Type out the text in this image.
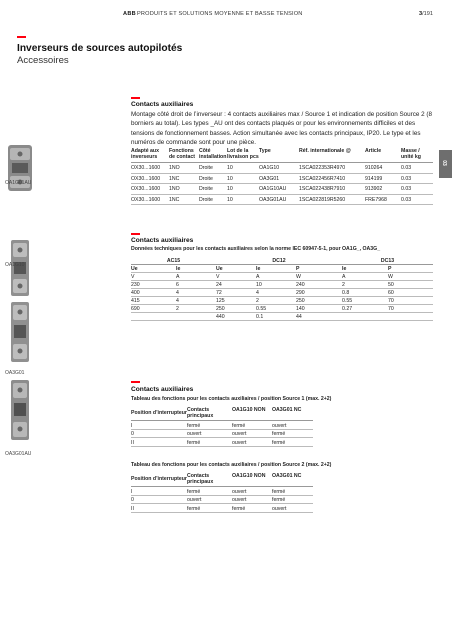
ABB PRODUITS ET SOLUTIONS MOYENNE ET BASSE TENSION	3/191
Inverseurs de sources autopilotés
Accessoires
03
OA1G01AU
OA1G10
OA3G01
OA3G01AU
Contacts auxiliaires
Montage côté droit de l’inverseur : 4 contacts auxiliaires max / Source 1 et indication de position Source 2 (8 borniers au total). Les types _AU ont des contacts plaqués or pour les environnements difficiles et des tensions de fonctionnement basses. Action simultanée avec les contacts principaux, IP20. Le type et les numéros de commande sont pour une pièce.
Adapté aux inverseurs	Fonctions de contact	Côté installation	Lot de la livraison pcs	Type	Réf. internationale @	Article	Masse / unité kg
OX30...1600	1NO	Droite	10	OA1G10	1SCA022353R4970	910264	0.03
OX30...1600	1NC	Droite	10	OA3G01	1SCA022456R7410	914199	0.03
OX30...1600	1NO	Droite	10	OA1G10AU	1SCA022438R7910	913902	0.03
OX30...1600	1NC	Droite	10	OA3G01AU	1SCA022819R5260	FRE7968	0.03
Contacts auxiliaires
Données techniques pour les contacts auxiliaires selon la norme IEC 60947-5-1, pour OA1G_, OA3G_
AC15		DC12			DC13	
Ue	Ie	Ue	Ie	P	Ie	P
V	A	V	A	W	A	W
230	6	24	10	240	2	50
400	4	72	4	290	0.8	60
415	4	125	2	250	0.55	70
690	2	250	0.55	140	0.27	70
		440	0.1	44		
Contacts auxiliaires
Tableau des fonctions pour les contacts auxiliaires / position Source 1 (max. 2+2)
Position d’interrupteur	Contacts principaux	OA1G10 NON	OA3G01 NC
I	fermé	fermé	ouvert
0	ouvert	ouvert	fermé
II	fermé	ouvert	fermé
Tableau des fonctions pour les contacts auxiliaires / position Source 2 (max. 2+2)
Position d’interrupteur	Contacts principaux	OA1G10 NON	OA3G01 NC
I	fermé	ouvert	fermé
0	ouvert	ouvert	fermé
II	fermé	fermé	ouvert
